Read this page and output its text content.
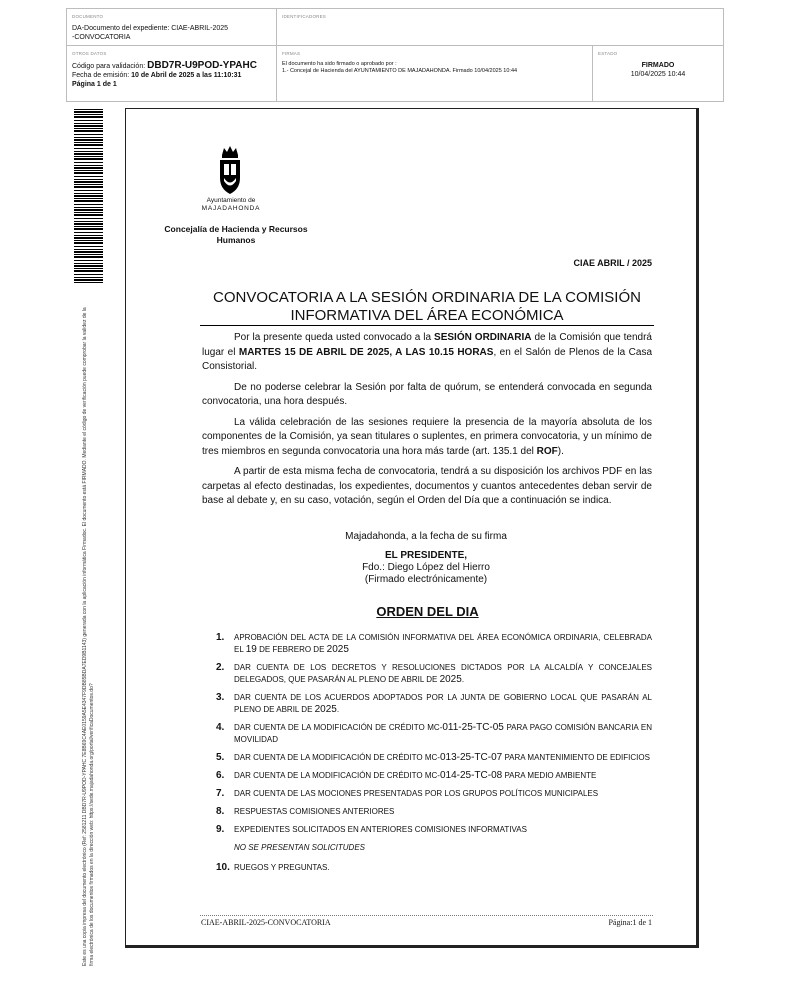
DOCUMENTO
DA-Documento del expediente: CIAE-ABRIL-2025
-CONVOCATORIA
IDENTIFICADORES
OTROS DATOS
Código para validación: DBD7R-U9POD-YPAHC
Fecha de emisión: 10 de Abril de 2025 a las 11:10:31
Página 1 de 1
FIRMAS
El documento ha sido firmado o aprobado por :
1.- Concejal de Hacienda del AYUNTAMIENTO DE MAJADAHONDA. Firmado 10/04/2025 10:44
ESTADO
FIRMADO
10/04/2025 10:44
Este es una copia impresa del documento electrónico (Ref: 2581211 DBD7R-U9POD-YPAHC 7E8B69C4AE0159A5E4347F9DB85BDA7ED9B1143) generada con la aplicación informática Firmadoc. El documento está FIRMADO. Mediante el código de verificación puede comprobar la validez de la firma electrónica de los documentos firmados en la dirección web: https://sede.majadahonda.org/portal/verificaDocumentos.do?
Ayuntamiento de
MAJADAHONDA
Concejalía de Hacienda y Recursos
Humanos
CIAE ABRIL / 2025
CONVOCATORIA A LA SESIÓN ORDINARIA DE LA COMISIÓN
INFORMATIVA DEL ÁREA ECONÓMICA

Por la presente queda usted convocado a la SESIÓN ORDINARIA de la Comisión que tendrá lugar el MARTES 15 DE ABRIL DE 2025, A LAS 10.15 HORAS, en el Salón de Plenos de la Casa Consistorial.

De no poderse celebrar la Sesión por falta de quórum, se entenderá convocada en segunda convocatoria, una hora después.

La válida celebración de las sesiones requiere la presencia de la mayoría absoluta de los componentes de la Comisión, ya sean titulares o suplentes, en primera convocatoria, y un mínimo de tres miembros en segunda convocatoria una hora más tarde (art. 135.1 del ROF).

A partir de esta misma fecha de convocatoria, tendrá a su disposición los archivos PDF en las carpetas al efecto destinadas, los expedientes, documentos y cuantos antecedentes deban servir de base al debate y, en su caso, votación, según el Orden del Día que a continuación se indica.

Majadahonda, a la fecha de su firma
EL PRESIDENTE,
Fdo.: Diego López del Hierro
(Firmado electrónicamente)
ORDEN DEL DIA
1. APROBACIÓN DEL ACTA DE LA COMISIÓN INFORMATIVA DEL ÁREA ECONÓMICA ORDINARIA, CELEBRADA EL 19 DE FEBRERO DE 2025
2. DAR CUENTA DE LOS DECRETOS Y RESOLUCIONES DICTADOS POR LA ALCALDÍA Y CONCEJALES DELEGADOS, QUE PASARÁN AL PLENO DE ABRIL DE 2025.
3. DAR CUENTA DE LOS ACUERDOS ADOPTADOS POR LA JUNTA DE GOBIERNO LOCAL QUE PASARÁN AL PLENO DE ABRIL DE 2025.
4. DAR CUENTA DE LA MODIFICACIÓN DE CRÉDITO MC-011-25-TC-05 PARA PAGO COMISIÓN BANCARIA EN MOVILIDAD
5. DAR CUENTA DE LA MODIFICACIÓN DE CRÉDITO MC-013-25-TC-07 PARA MANTENIMIENTO DE EDIFICIOS
6. DAR CUENTA DE LA MODIFICACIÓN DE CRÉDITO MC-014-25-TC-08 PARA MEDIO AMBIENTE
7. DAR CUENTA DE LAS MOCIONES PRESENTADAS POR LOS GRUPOS POLÍTICOS MUNICIPALES
8. RESPUESTAS COMISIONES ANTERIORES
9. EXPEDIENTES SOLICITADOS EN ANTERIORES COMISIONES INFORMATIVAS
NO SE PRESENTAN SOLICITUDES
10. RUEGOS Y PREGUNTAS.
CIAE-ABRIL-2025-CONVOCATORIA	Página:1 de 1
